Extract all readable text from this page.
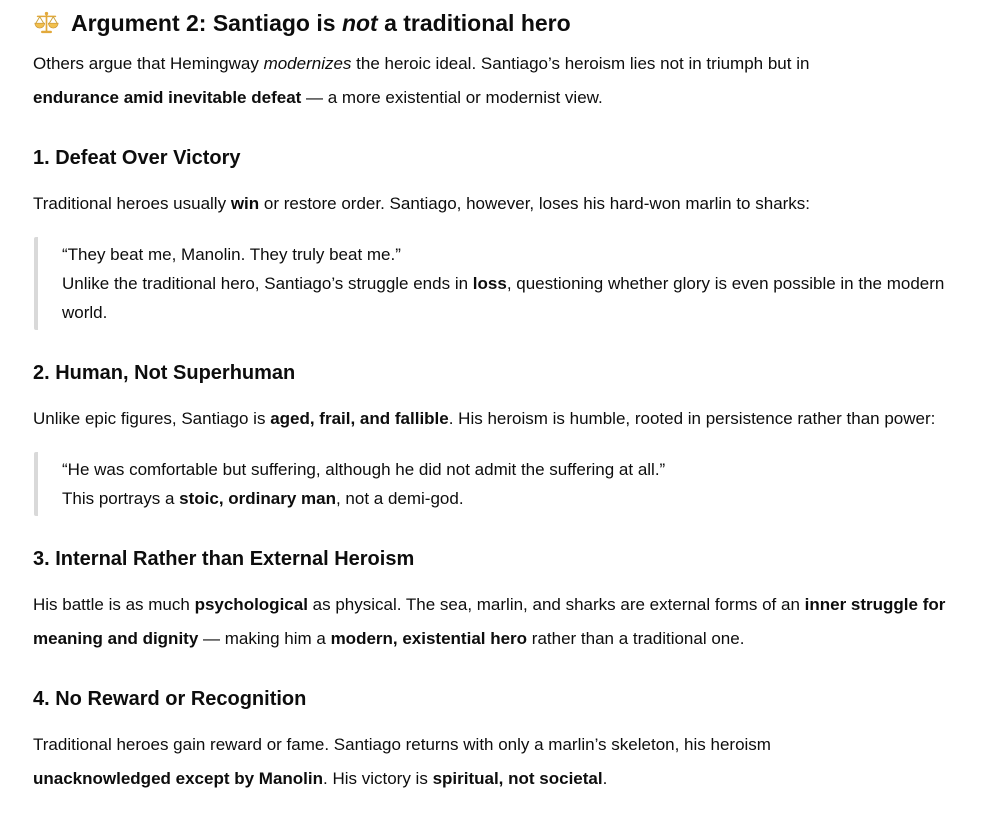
Argument 2: Santiago is not a traditional hero

Others argue that Hemingway modernizes the heroic ideal. Santiago’s heroism lies not in triumph but in
endurance amid inevitable defeat — a more existential or modernist view.

1. Defeat Over Victory

Traditional heroes usually win or restore order. Santiago, however, loses his hard-won marlin to sharks:

“They beat me, Manolin. They truly beat me.”
Unlike the traditional hero, Santiago’s struggle ends in loss, questioning whether glory is even possible in the modern world.

2. Human, Not Superhuman

Unlike epic figures, Santiago is aged, frail, and fallible. His heroism is humble, rooted in persistence rather than power:

“He was comfortable but suffering, although he did not admit the suffering at all.”
This portrays a stoic, ordinary man, not a demi-god.

3. Internal Rather than External Heroism

His battle is as much psychological as physical. The sea, marlin, and sharks are external forms of an inner struggle for meaning and dignity — making him a modern, existential hero rather than a traditional one.

4. No Reward or Recognition

Traditional heroes gain reward or fame. Santiago returns with only a marlin’s skeleton, his heroism
unacknowledged except by Manolin. His victory is spiritual, not societal.
